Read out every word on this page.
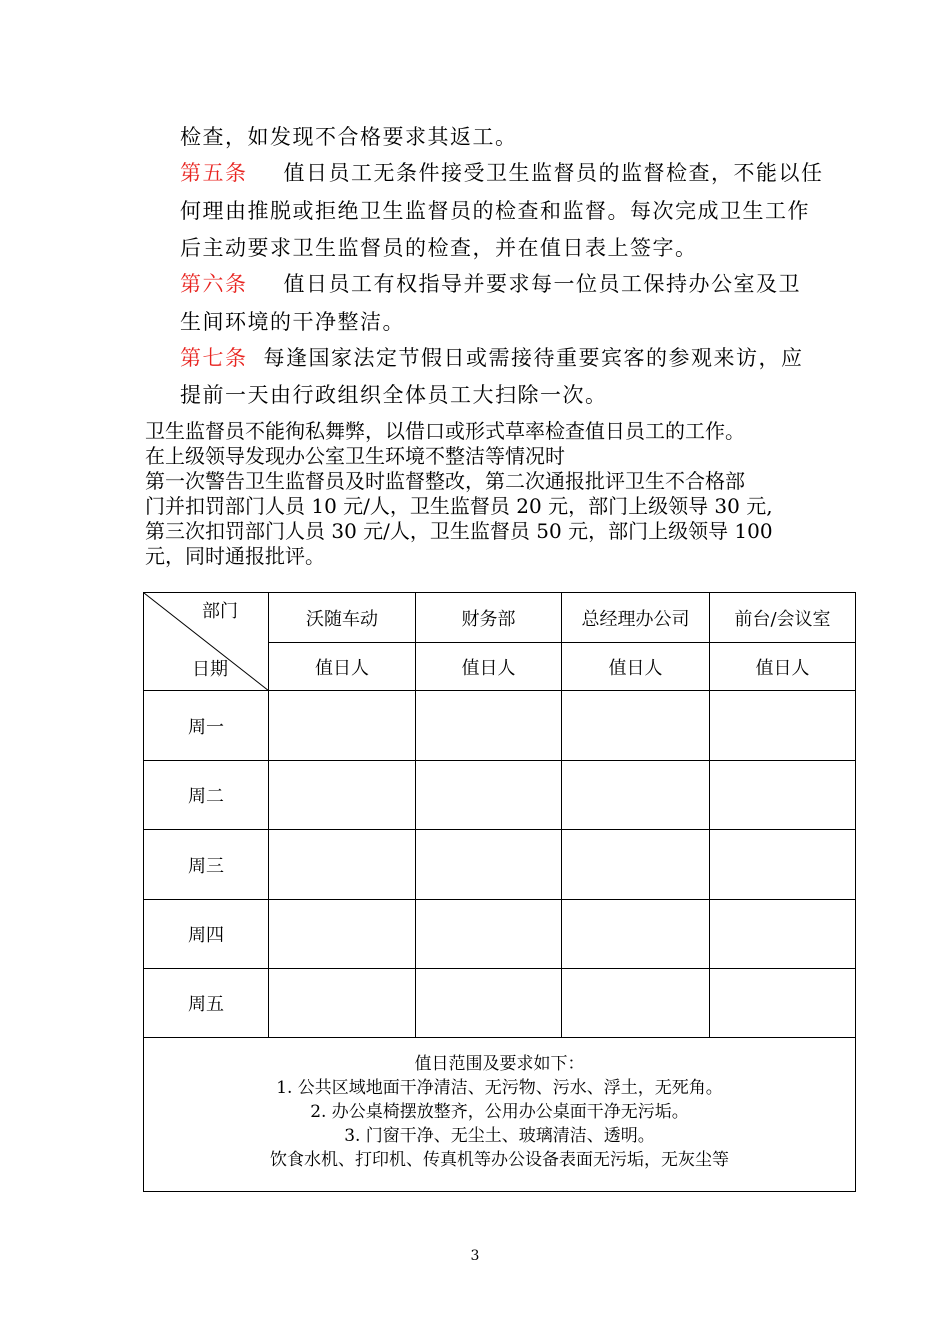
检查，如发现不合格要求其返工。
第五条 值日员工无条件接受卫生监督员的监督检查，不能以任
何理由推脱或拒绝卫生监督员的检查和监督。每次完成卫生工作
后主动要求卫生监督员的检查，并在值日表上签字。
第六条 值日员工有权指导并要求每一位员工保持办公室及卫
生间环境的干净整洁。
第七条 每逢国家法定节假日或需接待重要宾客的参观来访，应
提前一天由行政组织全体员工大扫除一次。
卫生监督员不能徇私舞弊，以借口或形式草率检查值日员工的工作。
在上级领导发现办公室卫生环境不整洁等情况时
第一次警告卫生监督员及时监督整改，第二次通报批评卫生不合格部
门并扣罚部门人员 10 元/人，卫生监督员 20 元，部门上级领导 30 元,
第三次扣罚部门人员 30 元/人，卫生监督员 50 元，部门上级领导 100
元，同时通报批评。
部门
日期	沃随车动	财务部	总经理办公司	前台/会议室
	值日人	值日人	值日人	值日人
周一				
周二				
周三				
周四				
周五				

值日范围及要求如下：
1. 公共区域地面干净清洁、无污物、污水、浮土，无死角。
2. 办公桌椅摆放整齐，公用办公桌面干净无污垢。
3. 门窗干净、无尘土、玻璃清洁、透明。
饮食水机、打印机、传真机等办公设备表面无污垢，无灰尘等				
3
